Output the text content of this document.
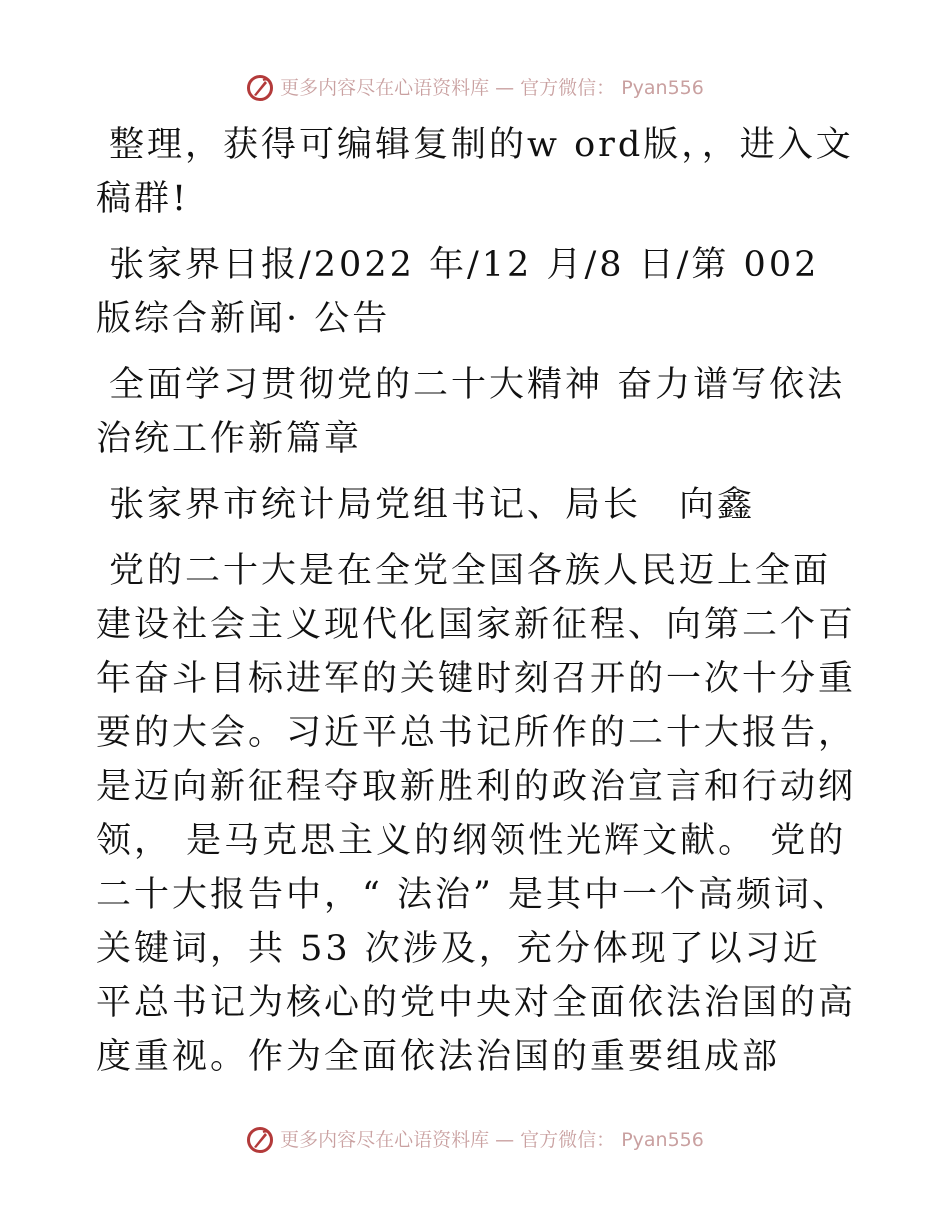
更多内容尽在心语资料库 — 官方微信： Pyan556

整理，获得可编辑复制的w ord版，，进入文稿群!

张家界日报/2022 年/12 月/8 日/第 002 版综合新闻· 公告

全面学习贯彻党的二十大精神 奋力谱写依法治统工作新篇章

张家界市统计局党组书记、局长　向鑫

党的二十大是在全党全国各族人民迈上全面建设社会主义现代化国家新征程、向第二个百年奋斗目标进军的关键时刻召开的一次十分重要的大会。习近平总书记所作的二十大报告，是迈向新征程夺取新胜利的政治宣言和行动纲领， 是马克思主义的纲领性光辉文献。 党的二十大报告中，“ 法治” 是其中一个高频词、关键词，共 53 次涉及，充分体现了以习近平总书记为核心的党中央对全面依法治国的高度重视。作为全面依法治国的重要组成部

更多内容尽在心语资料库 — 官方微信： Pyan556
